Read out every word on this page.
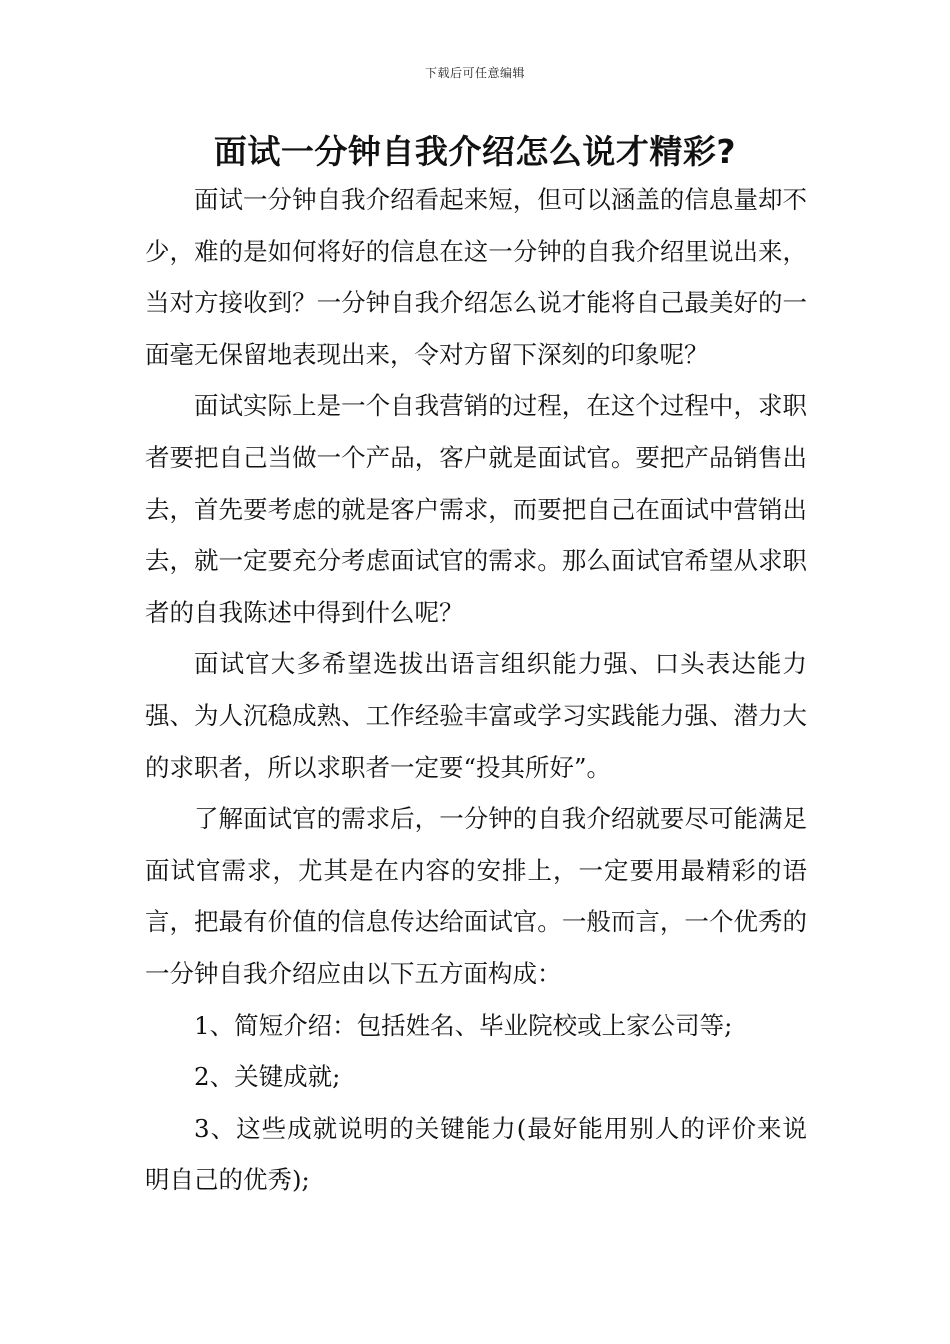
下载后可任意编辑
面试一分钟自我介绍怎么说才精彩?

面试一分钟自我介绍看起来短，但可以涵盖的信息量却不少，难的是如何将好的信息在这一分钟的自我介绍里说出来，当对方接收到？一分钟自我介绍怎么说才能将自己最美好的一面毫无保留地表现出来，令对方留下深刻的印象呢？

面试实际上是一个自我营销的过程，在这个过程中，求职者要把自己当做一个产品，客户就是面试官。要把产品销售出去，首先要考虑的就是客户需求，而要把自己在面试中营销出去，就一定要充分考虑面试官的需求。那么面试官希望从求职者的自我陈述中得到什么呢？

面试官大多希望选拔出语言组织能力强、口头表达能力强、为人沉稳成熟、工作经验丰富或学习实践能力强、潜力大的求职者，所以求职者一定要“投其所好”。

了解面试官的需求后，一分钟的自我介绍就要尽可能满足面试官需求，尤其是在内容的安排上，一定要用最精彩的语言，把最有价值的信息传达给面试官。一般而言，一个优秀的一分钟自我介绍应由以下五方面构成：

1、简短介绍：包括姓名、毕业院校或上家公司等;

2、关键成就;

3、这些成就说明的关键能力(最好能用别人的评价来说明自己的优秀);
